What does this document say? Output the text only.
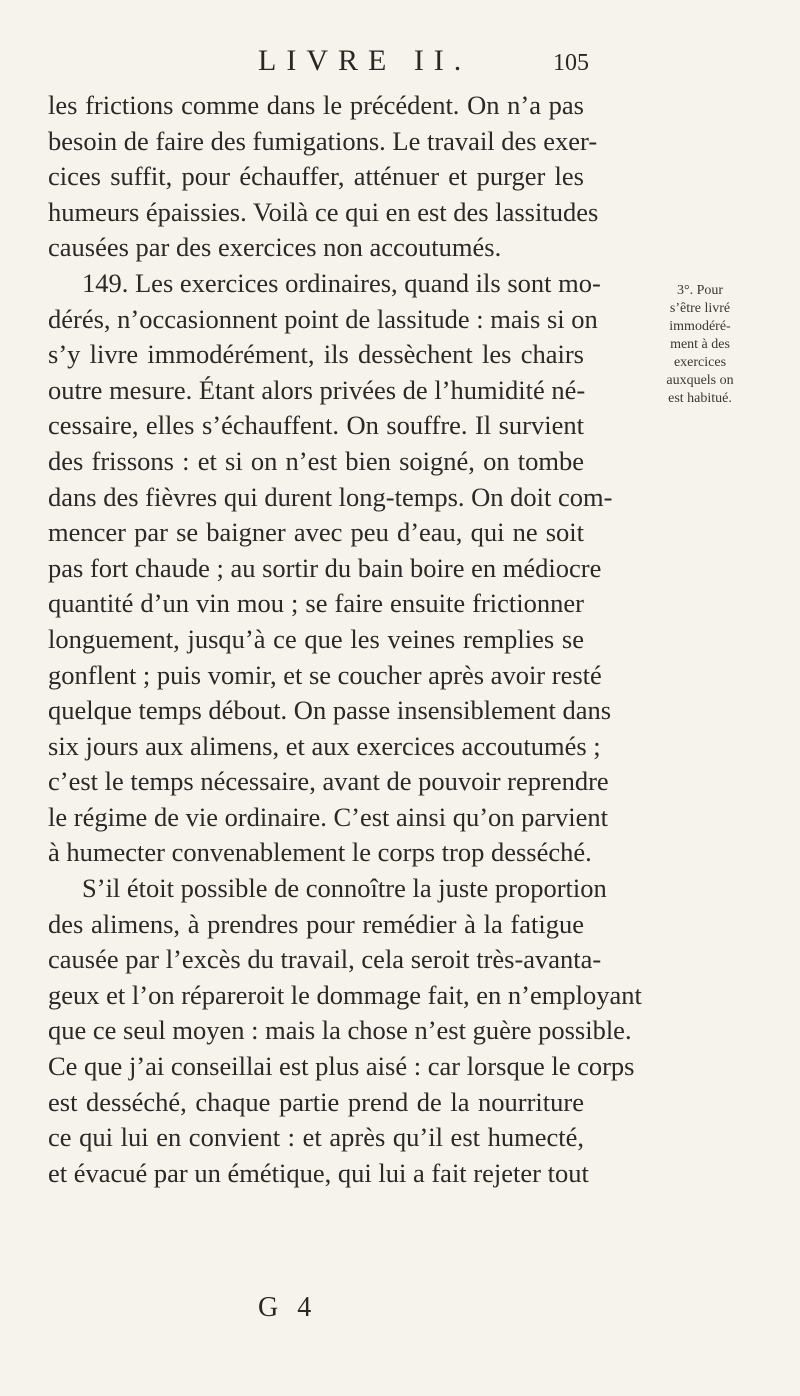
LIVRE II.	105
les frictions comme dans le précédent. On n’a pas
besoin de faire des fumigations. Le travail des exer-
cices suffit, pour échauffer, atténuer et purger les
humeurs épaissies. Voilà ce qui en est des lassitudes
causées par des exercices non accoutumés.
149. Les exercices ordinaires, quand ils sont mo-
dérés, n’occasionnent point de lassitude : mais si on
s’y livre immodérément, ils dessèchent les chairs
outre mesure. Étant alors privées de l’humidité né-
cessaire, elles s’échauffent. On souffre. Il survient
des frissons : et si on n’est bien soigné, on tombe
dans des fièvres qui durent long-temps. On doit com-
mencer par se baigner avec peu d’eau, qui ne soit
pas fort chaude ; au sortir du bain boire en médiocre
quantité d’un vin mou ; se faire ensuite frictionner
longuement, jusqu’à ce que les veines remplies se
gonflent ; puis vomir, et se coucher après avoir resté
quelque temps débout. On passe insensiblement dans
six jours aux alimens, et aux exercices accoutumés ;
c’est le temps nécessaire, avant de pouvoir reprendre
le régime de vie ordinaire. C’est ainsi qu’on parvient
à humecter convenablement le corps trop desséché.
S’il étoit possible de connoître la juste proportion
des alimens, à prendres pour remédier à la fatigue
causée par l’excès du travail, cela seroit très-avanta-
geux et l’on répareroit le dommage fait, en n’employant
que ce seul moyen : mais la chose n’est guère possible.
Ce que j’ai conseillai est plus aisé : car lorsque le corps
est desséché, chaque partie prend de la nourriture
ce qui lui en convient : et après qu’il est humecté,
et évacué par un émétique, qui lui a fait rejeter tout
3°. Pour
s’être livré
immodéré-
ment à des
exercices
auxquels on
est habitué.
G 4
